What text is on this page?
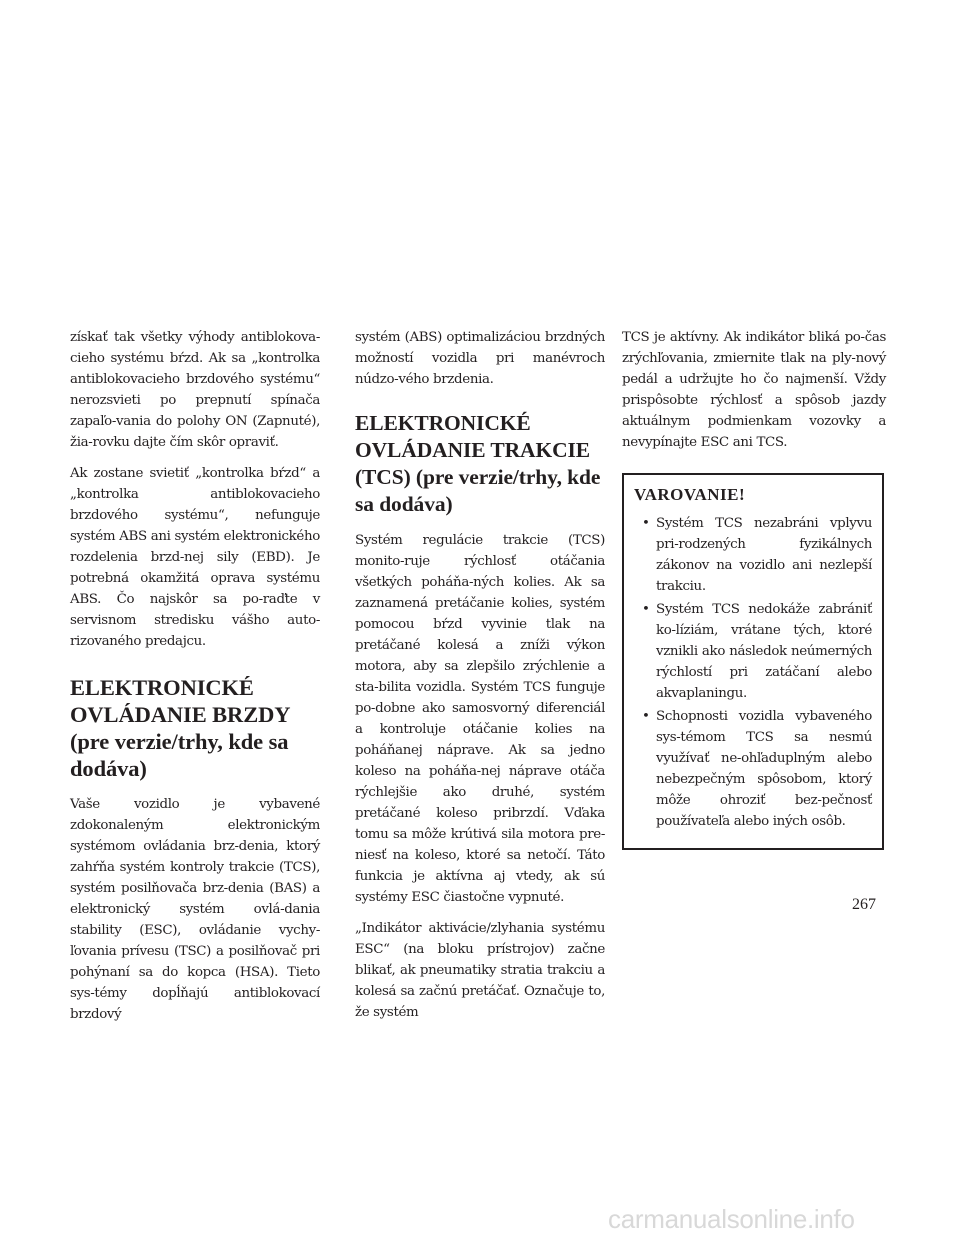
získať tak všetky výhody antiblokova-cieho systému bŕzd. Ak sa „kontrolka antiblokovacieho brzdového systému“ nerozsvieti po prepnutí spínača zapaľo-vania do polohy ON (Zapnuté), žia-rovku dajte čím skôr opraviť.

Ak zostane svietiť „kontrolka bŕzd“ a „kontrolka antiblokovacieho brzdového systému“, nefunguje systém ABS ani systém elektronického rozdelenia brzd-nej sily (EBD). Je potrebná okamžitá oprava systému ABS. Čo najskôr sa po-raďte v servisnom stredisku vášho auto-rizovaného predajcu.

ELEKTRONICKÉ OVLÁDANIE BRZDY (pre verzie/trhy, kde sa dodáva)

Vaše vozidlo je vybavené zdokonaleným elektronickým systémom ovládania brz-denia, ktorý zahŕňa systém kontroly trakcie (TCS), systém posilňovača brz-denia (BAS) a elektronický systém ovlá-dania stability (ESC), ovládanie vychy-ľovania prívesu (TSC) a posilňovač pri pohýnaní sa do kopca (HSA). Tieto sys-témy dopĺňajú antiblokovací brzdový

systém (ABS) optimalizáciou brzdných možností vozidla pri manévroch núdzo-vého brzdenia.

ELEKTRONICKÉ OVLÁDANIE TRAKCIE (TCS) (pre verzie/trhy, kde sa dodáva)

Systém regulácie trakcie (TCS) monito-ruje rýchlosť otáčania všetkých poháňa-ných kolies. Ak sa zaznamená pretáčanie kolies, systém pomocou bŕzd vyvinie tlak na pretáčané kolesá a zníži výkon motora, aby sa zlepšilo zrýchlenie a sta-bilita vozidla. Systém TCS funguje po-dobne ako samosvorný diferenciál a kontroluje otáčanie kolies na poháňanej náprave. Ak sa jedno koleso na poháňa-nej náprave otáča rýchlejšie ako druhé, systém pretáčané koleso pribrzdí. Vďaka tomu sa môže krútivá sila motora pre-niesť na koleso, ktoré sa netočí. Táto funkcia je aktívna aj vtedy, ak sú systémy ESC čiastočne vypnuté.

„Indikátor aktivácie/zlyhania systému ESC“ (na bloku prístrojov) začne blikať, ak pneumatiky stratia trakciu a kolesá sa začnú pretáčať. Označuje to, že systém

TCS je aktívny. Ak indikátor bliká po-čas zrýchľovania, zmiernite tlak na ply-nový pedál a udržujte ho čo najmenší. Vždy prispôsobte rýchlosť a spôsob jazdy aktuálnym podmienkam vozovky a nevypínajte ESC ani TCS.

VAROVANIE!
• Systém TCS nezabráni vplyvu pri-rodzených fyzikálnych zákonov na vozidlo ani nezlepší trakciu.
• Systém TCS nedokáže zabrániť ko-líziám, vrátane tých, ktoré vznikli ako následok neúmerných rýchlostí pri zatáčaní alebo akvaplaningu.
• Schopnosti vozidla vybaveného sys-témom TCS sa nesmú využívať ne-ohľaduplným alebo nebezpečným spôsobom, ktorý môže ohroziť bez-pečnosť používateľa alebo iných osôb.
267
carmanualsonline.info
